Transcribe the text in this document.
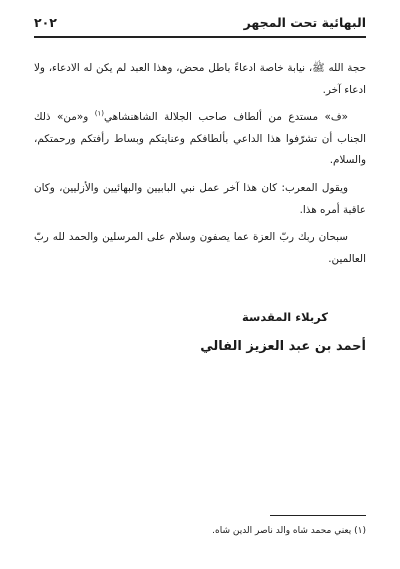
البهائية تحت المجهر
٢٠٢

حجة الله ﷺ، نيابة خاصة ادعاءً باطل محض، وهذا العبد لم يكن له الادعاء، ولا ادعاء آخر.

«ف» مستدع من ألطاف صاحب الجلالة الشاهنشاهي$^{(١)}$ و«من» ذلك الجناب أن تشرّفوا هذا الداعي بألطافكم وعنايتكم وبساط رأفتكم ورحمتكم، والسلام.

ويقول المعرب: كان هذا آخر عمل نبي البابيين والبهائيين والأزليين، وكان عاقبة أمره هذا.

سبحان ربك ربّ العزة عما يصفون وسلام على المرسلين والحمد لله ربّ العالمين.

كربلاء المقدسة
أحمد بن عبد العزيز الفالي
(١) يعني محمد شاه والد ناصر الدين شاه.
